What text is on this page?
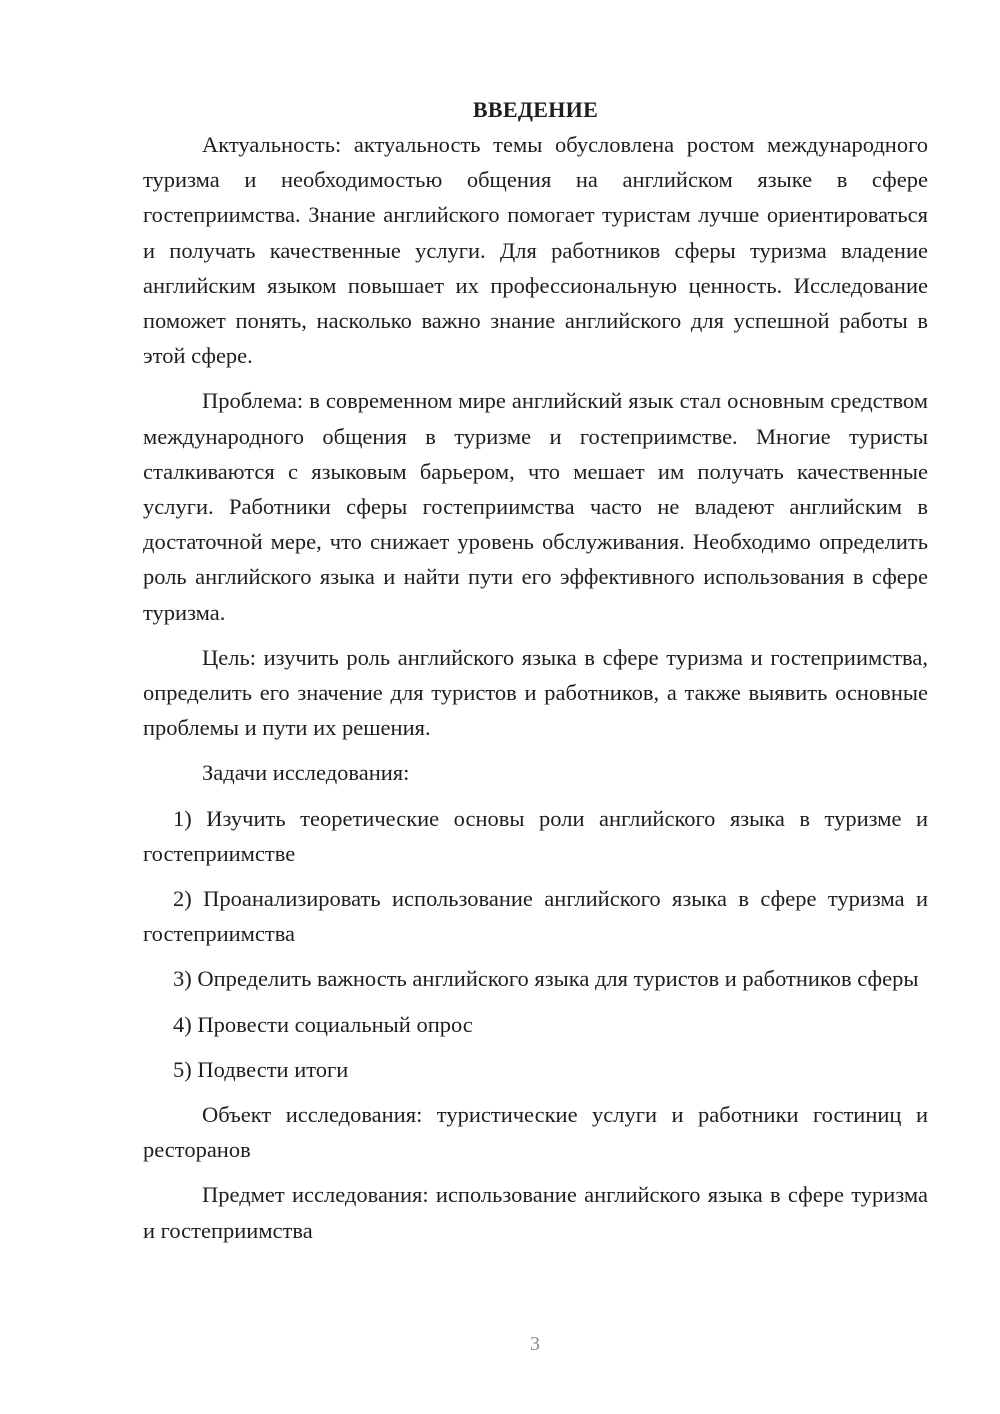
ВВЕДЕНИЕ

Актуальность: актуальность темы обусловлена ростом международного туризма и необходимостью общения на английском языке в сфере гостеприимства. Знание английского помогает туристам лучше ориентироваться и получать качественные услуги. Для работников сферы туризма владение английским языком повышает их профессиональную ценность. Исследование поможет понять, насколько важно знание английского для успешной работы в этой сфере.

Проблема: в современном мире английский язык стал основным средством международного общения в туризме и гостеприимстве. Многие туристы сталкиваются с языковым барьером, что мешает им получать качественные услуги. Работники сферы гостеприимства часто не владеют английским в достаточной мере, что снижает уровень обслуживания. Необходимо определить роль английского языка и найти пути его эффективного использования в сфере туризма.

Цель: изучить роль английского языка в сфере туризма и гостеприимства, определить его значение для туристов и работников, а также выявить основные проблемы и пути их решения.

Задачи исследования:

1) Изучить теоретические основы роли английского языка в туризме и гостеприимстве

2) Проанализировать использование английского языка в сфере туризма и гостеприимства

3) Определить важность английского языка для туристов и работников сферы

4) Провести социальный опрос

5) Подвести итоги

Объект исследования: туристические услуги и работники гостиниц и ресторанов

Предмет исследования: использование английского языка в сфере туризма и гостеприимства

3
